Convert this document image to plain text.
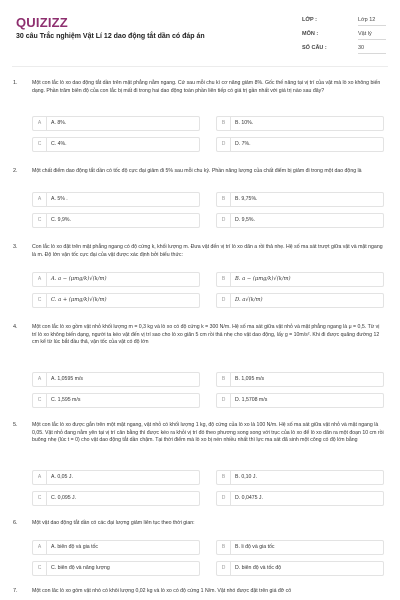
QUIZIZZ
30 câu Trắc nghiệm Vật Lí 12 dao động tắt dần có đáp án
LỚP :	Lớp 12
MÔN :	Vật lý
SỐ CÂU :	30
1.	Một con lắc lò xo dao động tắt dần trên mặt phẳng nằm ngang. Cứ sau mỗi chu kì cơ năng giảm 8%. Gốc thế năng tại vị trí của vật mà lò xo không biến dạng. Phần trăm biên độ của con lắc bị mất đi trong hai dao động toàn phần liên tiếp có giá trị gần nhất với giá trị nào sau đây?
A	A. 8%.	B	B. 10%.
C	C. 4%.	D	D. 7%.
2.	Một chất điểm dao động tắt dần có tốc độ cực đại giảm đi 5% sau mỗi chu kỳ. Phần năng lượng của chất điểm bị giảm đi trong một dao động là
A	A. 5% .	B	B. 9,75%.
C	C. 9,9%.	D	D. 9,5%.
3.	Con lắc lò xo đặt trên mặt phẳng ngang có độ cứng k, khối lượng m. Đưa vật đến vị trí lò xo dãn a rồi thả nhẹ. Hệ số ma sát trượt giữa vật và mặt ngang là m. Độ lớn vận tốc cực đại của vật được xác định bởi biểu thức:
A	A. a − (μmg/k)√(k/m)	B	B. a − (μmg/k)√(k/m)
C	C. a + (μmg/k)√(k/m)	D	D. a√(k/m)
4.	Một con lắc lò xo gồm vật nhỏ khối lượng m = 0,3 kg và lò xo có độ cứng k = 300 N/m. Hệ số ma sát giữa vật nhỏ và mặt phẳng ngang là μ = 0,5. Từ vị trí lò xo không biến dạng, người ta kéo vật đến vị trí sao cho lò xo giãn 5 cm rồi thả nhẹ cho vật dao động, lấy g = 10m/s². Khi đi được quãng đường 12 cm kể từ lúc bắt đầu thả, vận tốc của vật có độ lớn
A	A. 1,0595 m/s	B	B. 1,095 m/s
C	C. 1,595 m/s	D	D. 1,5708 m/s
5.	Một con lắc lò xo được gắn trên một mặt ngang, vật nhỏ có khối lượng 1 kg, độ cứng của lò xo là 100 N/m. Hệ số ma sát giữa vật nhỏ và mặt ngang là 0,05. Vật nhỏ đang nằm yên tại vị trí cân bằng thì được kéo ra khỏi vị trí đó theo phương song song với trục của lò xo để lò xo dãn ra một đoạn 10 cm rồi buông nhẹ (lúc t = 0) cho vật dao động tắt dần chậm. Tại thời điểm mà lò xo bị nén nhiều nhất thì lực ma sát đã sinh một công có độ lớn bằng
A	A. 0,05 J.	B	B. 0,10 J.
C	C. 0,095 J.	D	D. 0,0475 J.
6.	Một vật dao động tắt dần có các đại lượng giảm liên tục theo thời gian:
A	A. biên độ và gia tốc	B	B. li độ và gia tốc
C	C. biên độ và năng lượng	D	D. biên độ và tốc độ
7.	Một con lắc lò xo gồm vật nhỏ có khối lượng 0,02 kg và lò xo có độ cứng 1 N/m. Vật nhỏ được đặt trên giá đỡ cố
